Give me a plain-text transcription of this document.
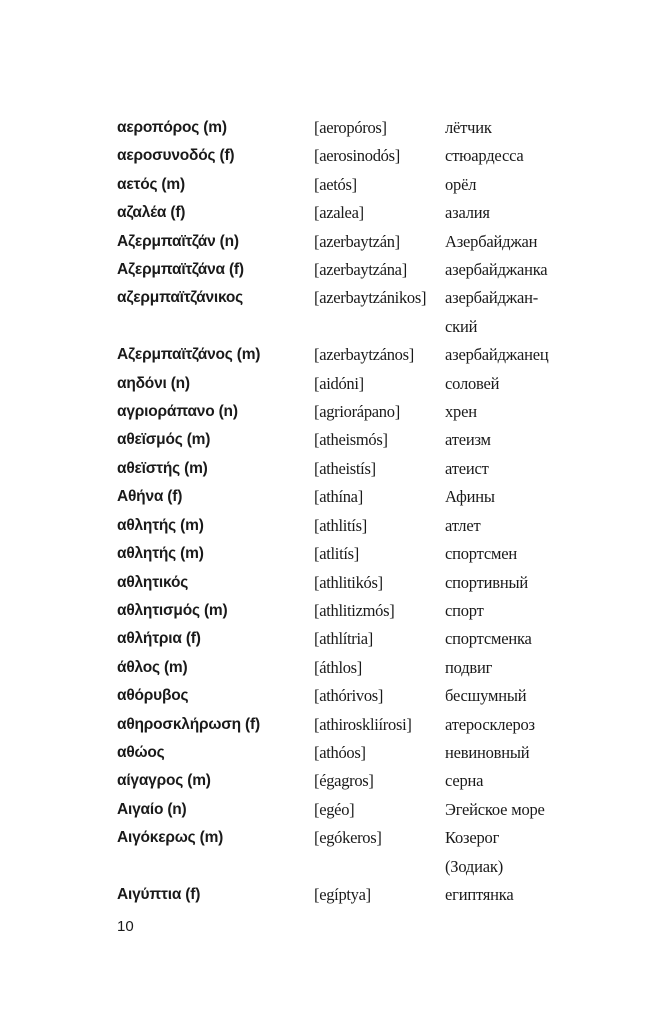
αεροπόρος (m)	[aeropóros]	лётчик
αεροσυνοδός (f)	[aerosinodós]	стюардесса
αετός (m)	[aetós]	орёл
αζαλέα (f)	[azalea]	азалия
Αζερμπαϊτζάν (n)	[azerbaytzán]	Азербайджан
Αζερμπαϊτζάνα (f)	[azerbaytzána]	азербайджанка
αζερμπαϊτζάνικος	[azerbaytzánikos]	азербайджан-
ский
Αζερμπαϊτζάνος (m)	[azerbaytzános]	азербайджанец
αηδόνι (n)	[aidóni]	соловей
αγριοράπανο (n)	[agriorápano]	хрен
αθεϊσμός (m)	[atheismós]	атеизм
αθεϊστής (m)	[atheistís]	атеист
Αθήνα (f)	[athína]	Афины
αθλητής (m)	[athlitís]	атлет
αθλητής (m)	[atlitís]	спортсмен
αθλητικός	[athlitikós]	спортивный
αθλητισμός (m)	[athlitizmós]	спорт
αθλήτρια (f)	[athlítria]	спортсменка
άθλος (m)	[áthlos]	подвиг
αθόρυβος	[athórivos]	бесшумный
αθηροσκλήρωση (f)	[athiroskliírosi]	атеросклероз
αθώος	[athóos]	невиновный
αίγαγρος (m)	[égagros]	серна
Αιγαίο (n)	[egéo]	Эгейское море
Αιγόκερως (m)	[egókeros]	Козерог
(Зодиак)
Αιγύπτια (f)	[egíptya]	египтянка
10
